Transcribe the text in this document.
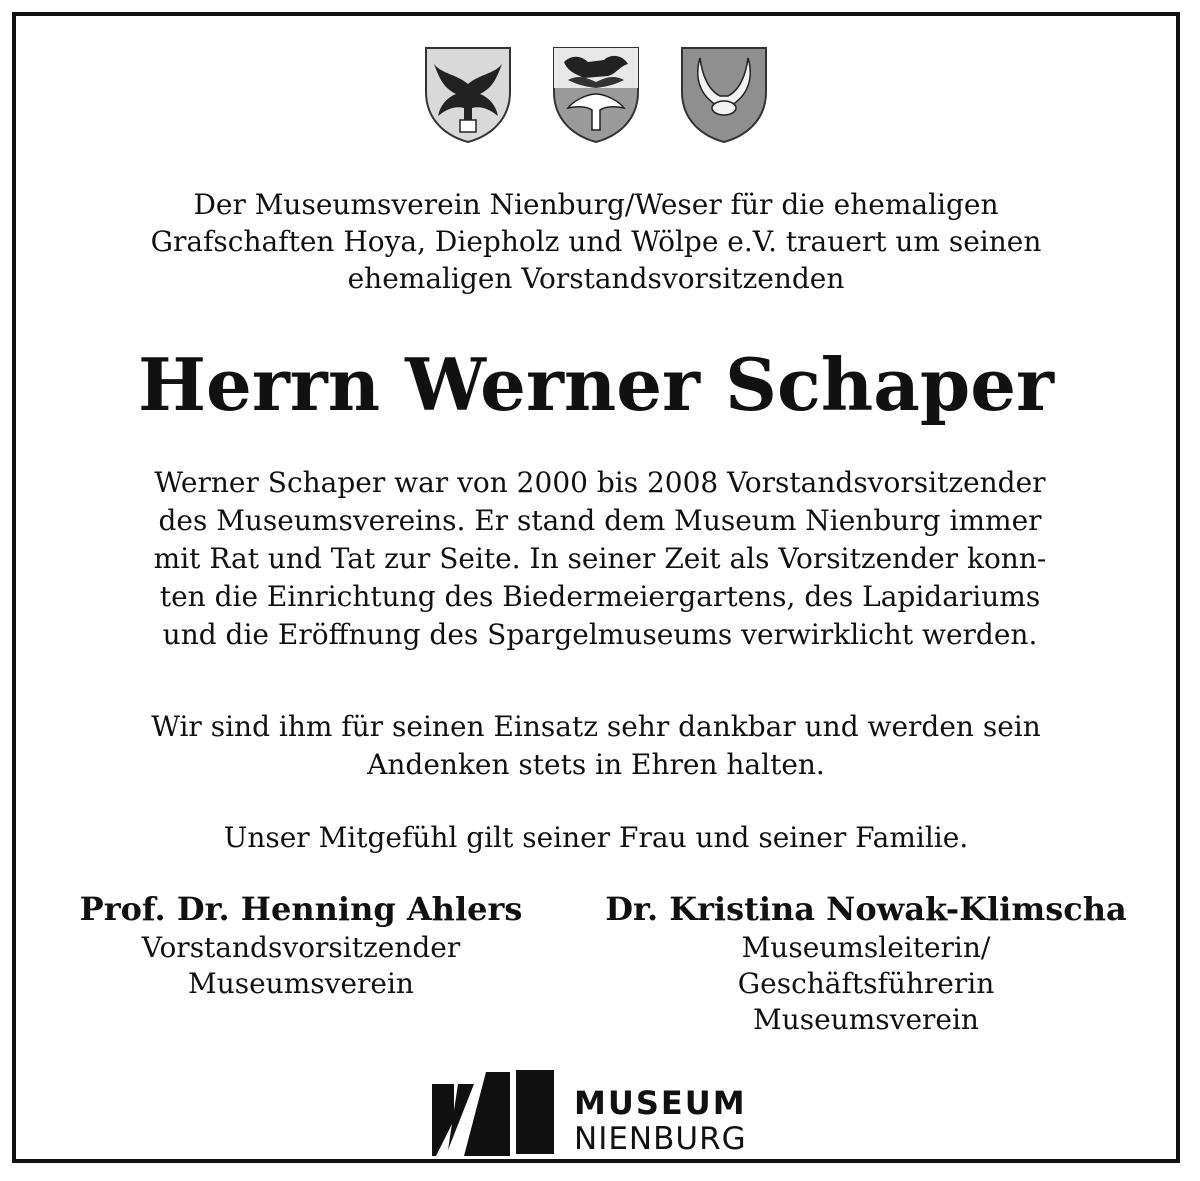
Der Museumsverein Nienburg/Weser für die ehemaligen
Grafschaften Hoya, Diepholz und Wölpe e.V. trauert um seinen
ehemaligen Vorstandsvorsitzenden
Herrn Werner Schaper
Werner Schaper war von 2000 bis 2008 Vorstandsvorsitzender
des Museumsvereins. Er stand dem Museum Nienburg immer
mit Rat und Tat zur Seite. In seiner Zeit als Vorsitzender konn-
ten die Einrichtung des Biedermeiergartens, des Lapidariums
und die Eröffnung des Spargelmuseums verwirklicht werden.
Wir sind ihm für seinen Einsatz sehr dankbar und werden sein
Andenken stets in Ehren halten.
Unser Mitgefühl gilt seiner Frau und seiner Familie.
Prof. Dr. Henning Ahlers
Vorstandsvorsitzender
Museumsverein
Dr. Kristina Nowak-Klimscha
Museumsleiterin/
Geschäftsführerin
Museumsverein
MUSEUM
NIENBURG
